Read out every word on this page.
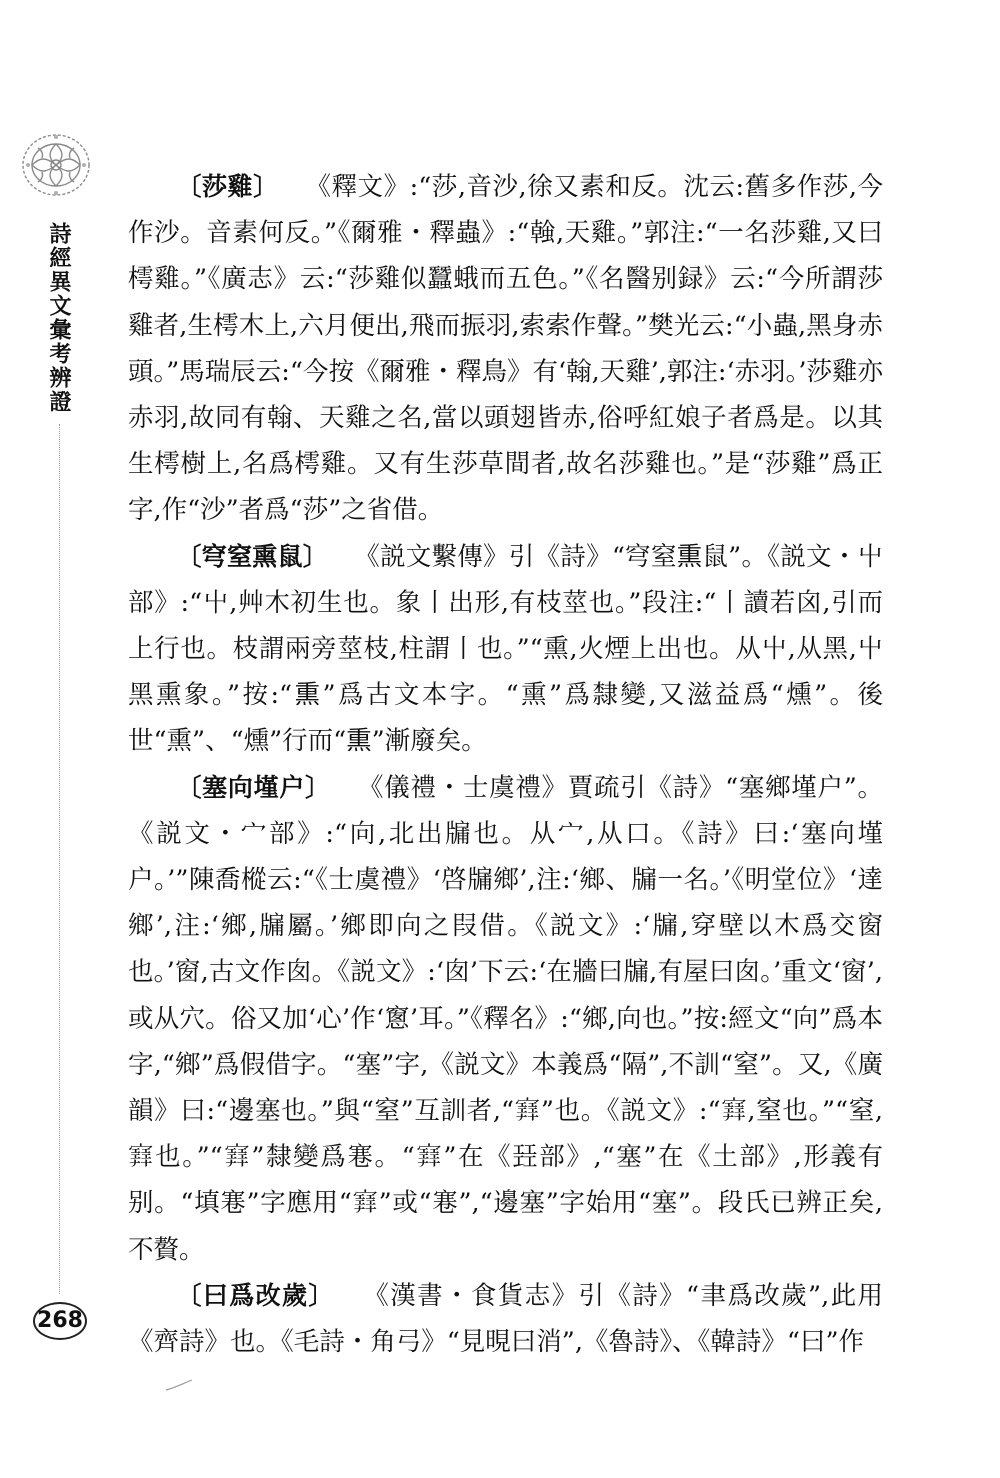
詩經異文彙考辨證
268

〔莎雞〕　　《釋文》:“莎,音沙,徐又素和反。沈云:舊多作莎,今作沙。音素何反。”《爾雅・釋蟲》:“螒,天雞。”郭注:“一名莎雞,又曰樗雞。”《廣志》云:“莎雞似蠶蛾而五色。”《名醫别録》云:“今所謂莎雞者,生樗木上,六月便出,飛而振羽,索索作聲。”樊光云:“小蟲,黑身赤頭。”馬瑞辰云:“今按《爾雅・釋鳥》有‘翰,天雞’,郭注:‘赤羽。’莎雞亦赤羽,故同有翰、天雞之名,當以頭翅皆赤,俗呼紅娘子者爲是。以其生樗樹上,名爲樗雞。又有生莎草間者,故名莎雞也。”是“莎雞”爲正字,作“沙”者爲“莎”之省借。

〔穹窒熏鼠〕　　《説文繫傳》引《詩》“穹窒𤋱鼠”。《説文・屮部》:“屮,艸木初生也。象丨出形,有枝莖也。”段注:“丨讀若囟,引而上行也。枝謂兩旁莖枝,柱謂丨也。”“熏,火煙上出也。从屮,从黑,屮黑熏象。”按:“𤋱”爲古文本字。“熏”爲隸變,又滋益爲“燻”。後世“熏”、“燻”行而“𤋱”漸廢矣。

〔塞向墐户〕　　《儀禮・士虞禮》賈疏引《詩》“塞鄉墐户”。《説文・宀部》:“向,北出牖也。从宀,从口。《詩》曰:‘塞向墐户。’”陳喬樅云:“《士虞禮》‘啓牖鄉’,注:‘鄉、牖一名。’《明堂位》‘達鄉’,注:‘鄉,牖屬。’鄉即向之叚借。《説文》:‘牖,穿壁以木爲交窗也。’窗,古文作囱。《説文》:‘囱’下云:‘在牆曰牖,有屋曰囱。’重文‘窗’,或从穴。俗又加‘心’作‘窻’耳。”《釋名》:“鄉,向也。”按:經文“向”爲本字,“鄉”爲假借字。“塞”字,《説文》本義爲“隔”,不訓“窒”。又,《廣韻》曰:“邊塞也。”與“窒”互訓者,“𡫳”也。《説文》:“𡫳,窒也。”“窒,𡫳也。”“𡫳”隸變爲寋。“𡫳”在《㠭部》,“塞”在《土部》,形義有别。“填寋”字應用“𡫳”或“寋”,“邊塞”字始用“塞”。段氏已辨正矣,不贅。

〔曰爲改歲〕　　《漢書・食貨志》引《詩》“聿爲改歲”,此用《齊詩》也。《毛詩・角弓》“見晛曰消”,《魯詩》、《韓詩》“曰”作
